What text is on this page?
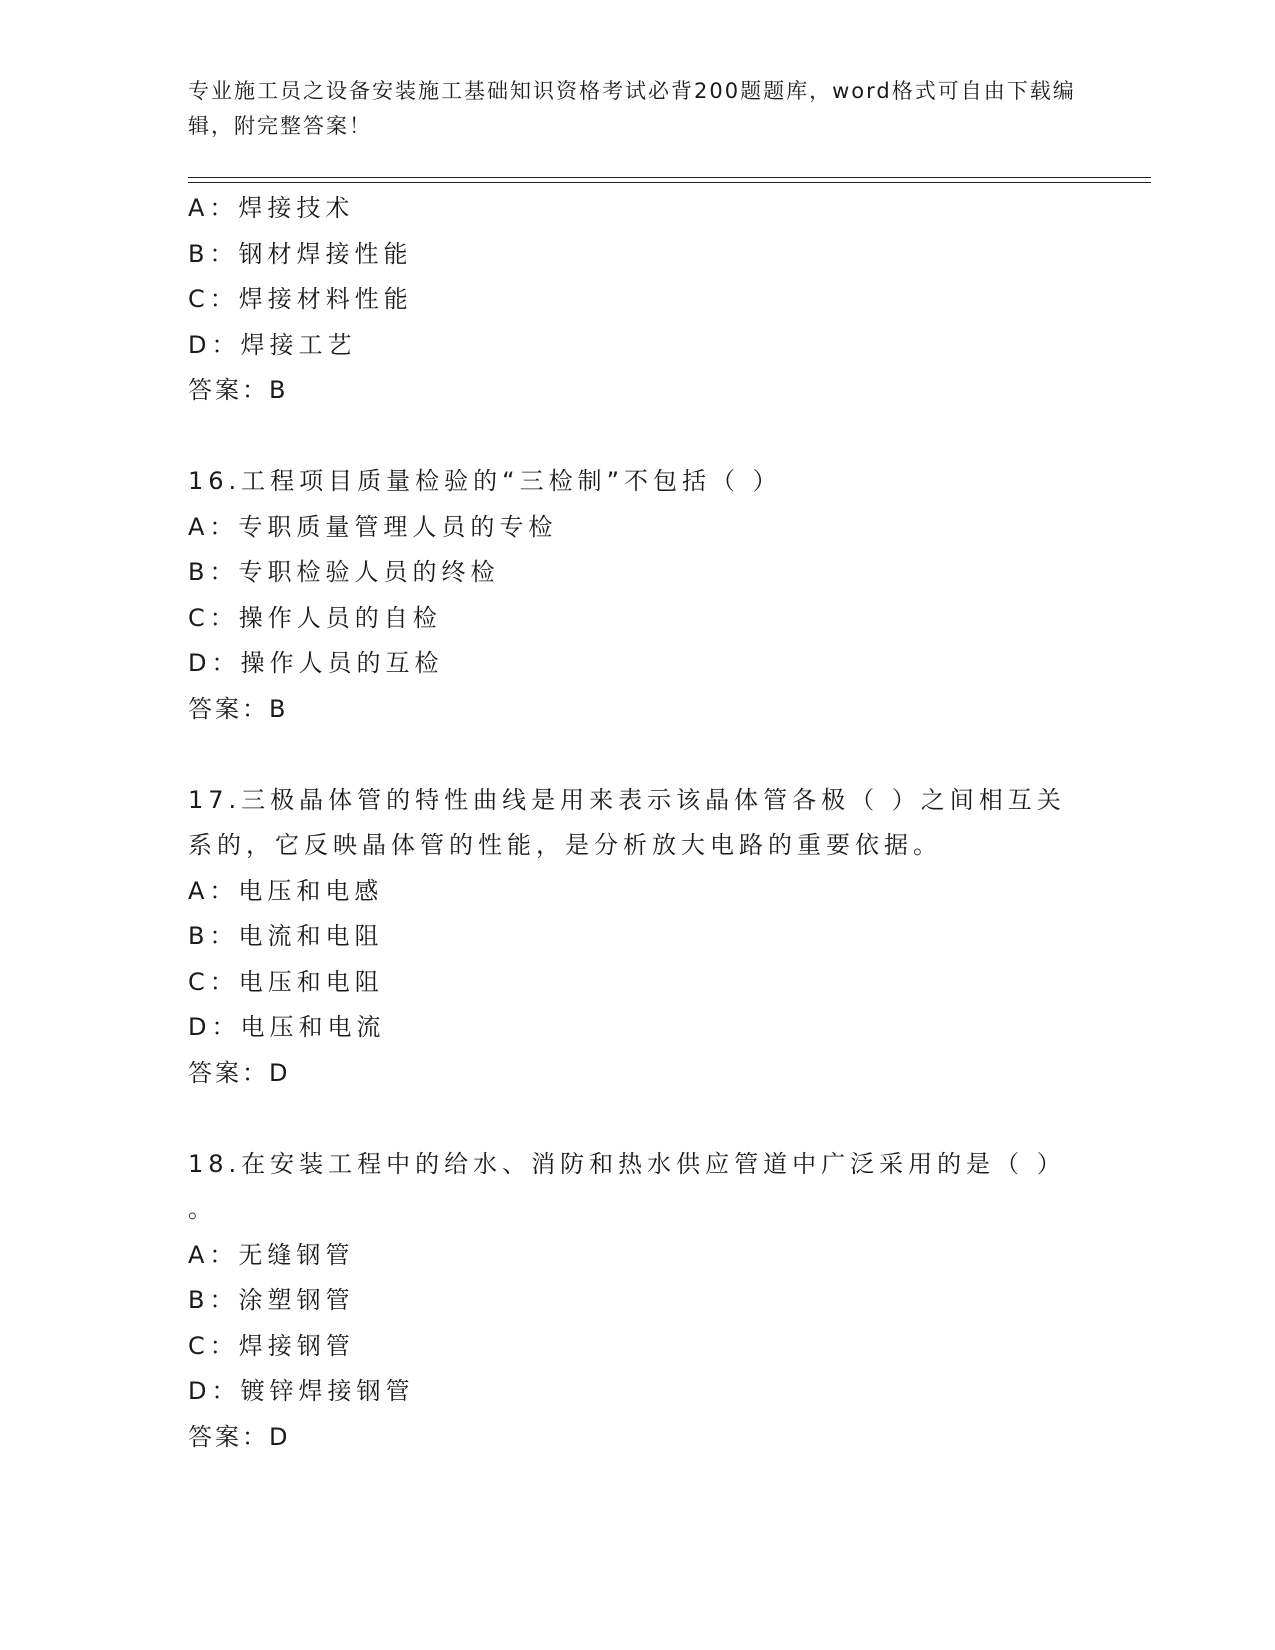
专业施工员之设备安装施工基础知识资格考试必背200题题库，word格式可自由下载编辑，附完整答案！
A：焊接技术
B：钢材焊接性能
C：焊接材料性能
D：焊接工艺
答案：B
16.工程项目质量检验的“三检制”不包括（ ）
A：专职质量管理人员的专检
B：专职检验人员的终检
C：操作人员的自检
D：操作人员的互检
答案：B
17.三极晶体管的特性曲线是用来表示该晶体管各极（ ）之间相互关系的，它反映晶体管的性能，是分析放大电路的重要依据。
A：电压和电感
B：电流和电阻
C：电压和电阻
D：电压和电流
答案：D
18.在安装工程中的给水、消防和热水供应管道中广泛采用的是（ ）
。
A：无缝钢管
B：涂塑钢管
C：焊接钢管
D：镀锌焊接钢管
答案：D
